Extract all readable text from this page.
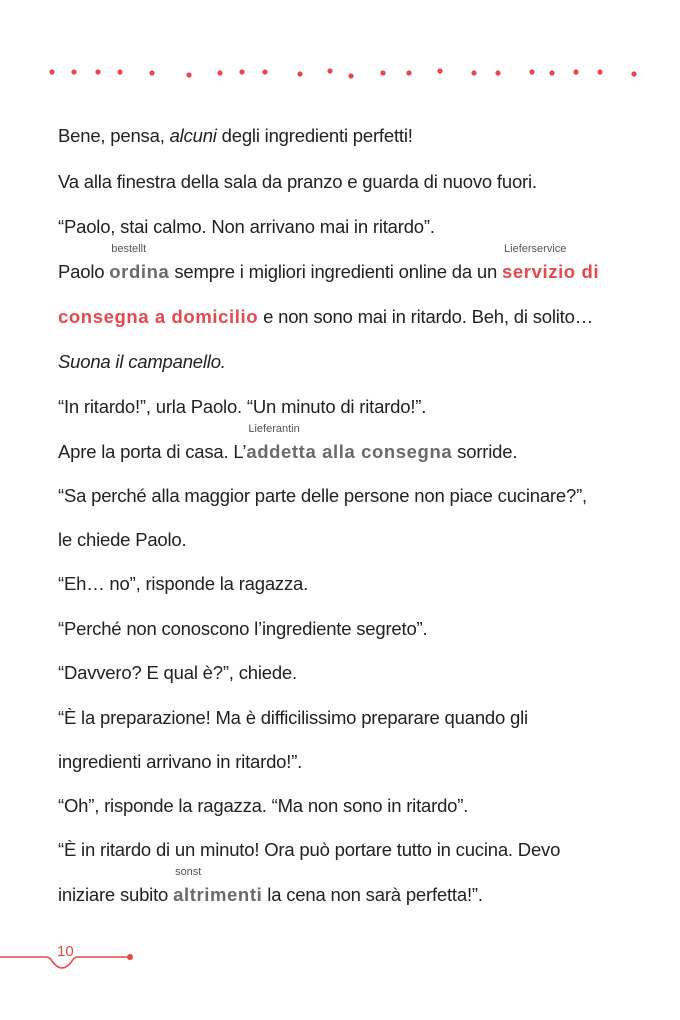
Bene, pensa, alcuni degli ingredienti perfetti!
Va alla finestra della sala da pranzo e guarda di nuovo fuori.
“Paolo, stai calmo. Non arrivano mai in ritardo”.
Paolo
bestellt
ordina sempre i migliori ingredienti online da un
Lieferservice
servizio di
consegna a domicilio e non sono mai in ritardo. Beh, di solito…
Suona il campanello.
“In ritardo!”, urla Paolo. “Un minuto di ritardo!”.
Apre la porta di casa. L’
Lieferantin
addetta alla consegna sorride.
“Sa perché alla maggior parte delle persone non piace cucinare?”,
le chiede Paolo.
“Eh… no”, risponde la ragazza.
“Perché non conoscono l’ingrediente segreto”.
“Davvero? E qual è?”, chiede.
“È la preparazione! Ma è difficilissimo preparare quando gli
ingredienti arrivano in ritardo!”.
“Oh”, risponde la ragazza. “Ma non sono in ritardo”.
“È in ritardo di un minuto! Ora può portare tutto in cucina. Devo
iniziare subito
sonst
altrimenti la cena non sarà perfetta!”.
10
